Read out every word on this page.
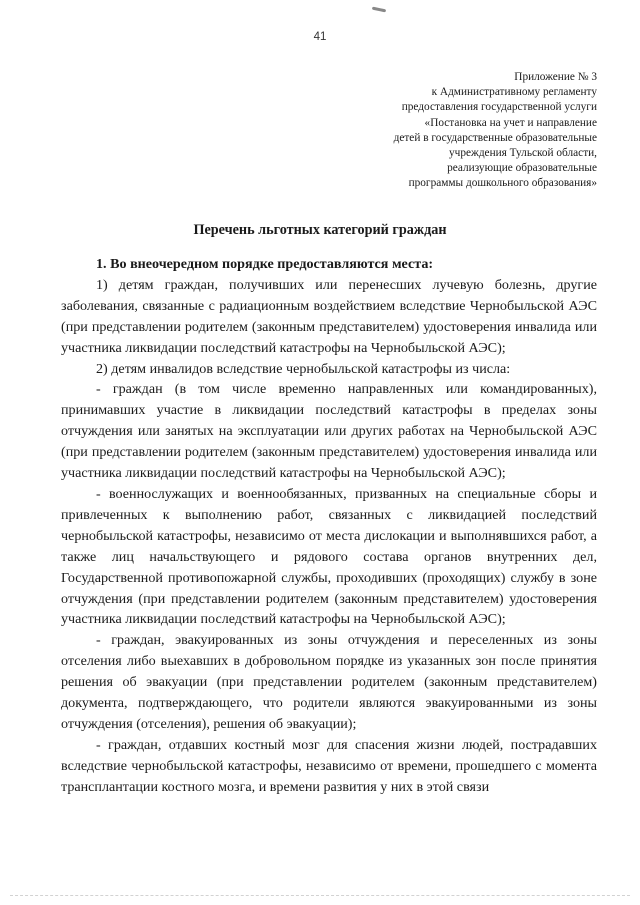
41
Приложение № 3
к Административному регламенту
предоставления государственной услуги
«Постановка на учет и направление
детей в государственные образовательные
учреждения Тульской области,
реализующие образовательные
программы дошкольного образования»
Перечень льготных категорий граждан

1. Во внеочередном порядке предоставляются места:

1) детям граждан, получивших или перенесших лучевую болезнь, другие заболевания, связанные с радиационным воздействием вследствие Чернобыльской АЭС (при представлении родителем (законным представителем) удостоверения инвалида или участника ликвидации последствий катастрофы на Чернобыльской АЭС);

2) детям инвалидов вследствие чернобыльской катастрофы из числа:

- граждан (в том числе временно направленных или командированных), принимавших участие в ликвидации последствий катастрофы в пределах зоны отчуждения или занятых на эксплуатации или других работах на Чернобыльской АЭС (при представлении родителем (законным представителем) удостоверения инвалида или участника ликвидации последствий катастрофы на Чернобыльской АЭС);

- военнослужащих и военнообязанных, призванных на специальные сборы и привлеченных к выполнению работ, связанных с ликвидацией последствий чернобыльской катастрофы, независимо от места дислокации и выполнявшихся работ, а также лиц начальствующего и рядового состава органов внутренних дел, Государственной противопожарной службы, проходивших (проходящих) службу в зоне отчуждения (при представлении родителем (законным представителем) удостоверения участника ликвидации последствий катастрофы на Чернобыльской АЭС);

- граждан, эвакуированных из зоны отчуждения и переселенных из зоны отселения либо выехавших в добровольном порядке из указанных зон после принятия решения об эвакуации (при представлении родителем (законным представителем) документа, подтверждающего, что родители являются эвакуированными из зоны отчуждения (отселения), решения об эвакуации);

- граждан, отдавших костный мозг для спасения жизни людей, пострадавших вследствие чернобыльской катастрофы, независимо от времени, прошедшего с момента трансплантации костного мозга, и времени развития у них в этой связи
